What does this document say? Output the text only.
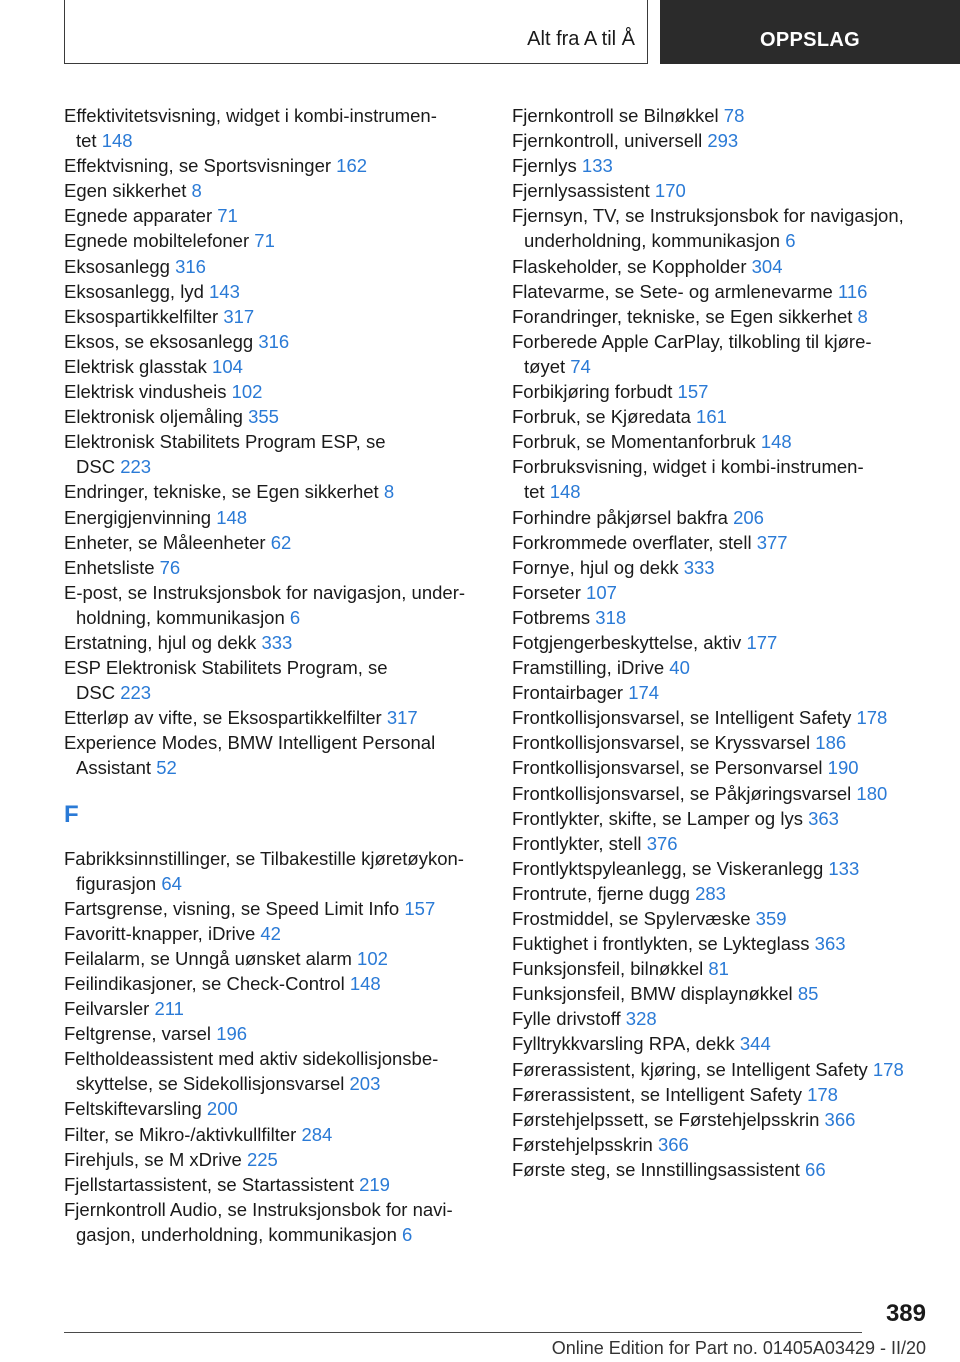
Alt fra A til Å	OPPSLAG
Effektivitetsvisning, widget i kombi-instrumen-
tet 148
Effektvisning, se Sportsvisninger 162
Egen sikkerhet 8
Egnede apparater 71
Egnede mobiltelefoner 71
Eksosanlegg 316
Eksosanlegg, lyd 143
Eksospartikkelfilter 317
Eksos, se eksosanlegg 316
Elektrisk glasstak 104
Elektrisk vindusheis 102
Elektronisk oljemåling 355
Elektronisk Stabilitets Program ESP, se
DSC 223
Endringer, tekniske, se Egen sikkerhet 8
Energigjenvinning 148
Enheter, se Måleenheter 62
Enhetsliste 76
E-post, se Instruksjonsbok for navigasjon, under-
holdning, kommunikasjon 6
Erstatning, hjul og dekk 333
ESP Elektronisk Stabilitets Program, se
DSC 223
Etterløp av vifte, se Eksospartikkelfilter 317
Experience Modes, BMW Intelligent Personal
Assistant 52
F
Fabrikksinnstillinger, se Tilbakestille kjøretøykon-
figurasjon 64
Fartsgrense, visning, se Speed Limit Info 157
Favoritt-knapper, iDrive 42
Feilalarm, se Unngå uønsket alarm 102
Feilindikasjoner, se Check-Control 148
Feilvarsler 211
Feltgrense, varsel 196
Feltholdeassistent med aktiv sidekollisjonsbe-
skyttelse, se Sidekollisjonsvarsel 203
Feltskiftevarsling 200
Filter, se Mikro-/aktivkullfilter 284
Firehjuls, se M xDrive 225
Fjellstartassistent, se Startassistent 219
Fjernkontroll Audio, se Instruksjonsbok for navi-
gasjon, underholdning, kommunikasjon 6
Fjernkontroll se Bilnøkkel 78
Fjernkontroll, universell 293
Fjernlys 133
Fjernlysassistent 170
Fjernsyn, TV, se Instruksjonsbok for navigasjon,
underholdning, kommunikasjon 6
Flaskeholder, se Koppholder 304
Flatevarme, se Sete- og armlenevarme 116
Forandringer, tekniske, se Egen sikkerhet 8
Forberede Apple CarPlay, tilkobling til kjøre-
tøyet 74
Forbikjøring forbudt 157
Forbruk, se Kjøredata 161
Forbruk, se Momentanforbruk 148
Forbruksvisning, widget i kombi-instrumen-
tet 148
Forhindre påkjørsel bakfra 206
Forkrommede overflater, stell 377
Fornye, hjul og dekk 333
Forseter 107
Fotbrems 318
Fotgjengerbeskyttelse, aktiv 177
Framstilling, iDrive 40
Frontairbager 174
Frontkollisjonsvarsel, se Intelligent Safety 178
Frontkollisjonsvarsel, se Kryssvarsel 186
Frontkollisjonsvarsel, se Personvarsel 190
Frontkollisjonsvarsel, se Påkjøringsvarsel 180
Frontlykter, skifte, se Lamper og lys 363
Frontlykter, stell 376
Frontlyktspyleanlegg, se Viskeranlegg 133
Frontrute, fjerne dugg 283
Frostmiddel, se Spylervæske 359
Fuktighet i frontlykten, se Lykteglass 363
Funksjonsfeil, bilnøkkel 81
Funksjonsfeil, BMW displaynøkkel 85
Fylle drivstoff 328
Fylltrykkvarsling RPA, dekk 344
Førerassistent, kjøring, se Intelligent Safety 178
Førerassistent, se Intelligent Safety 178
Førstehjelpssett, se Førstehjelpsskrin 366
Førstehjelpsskrin 366
Første steg, se Innstillingsassistent 66
389
Online Edition for Part no. 01405A03429 - II/20
